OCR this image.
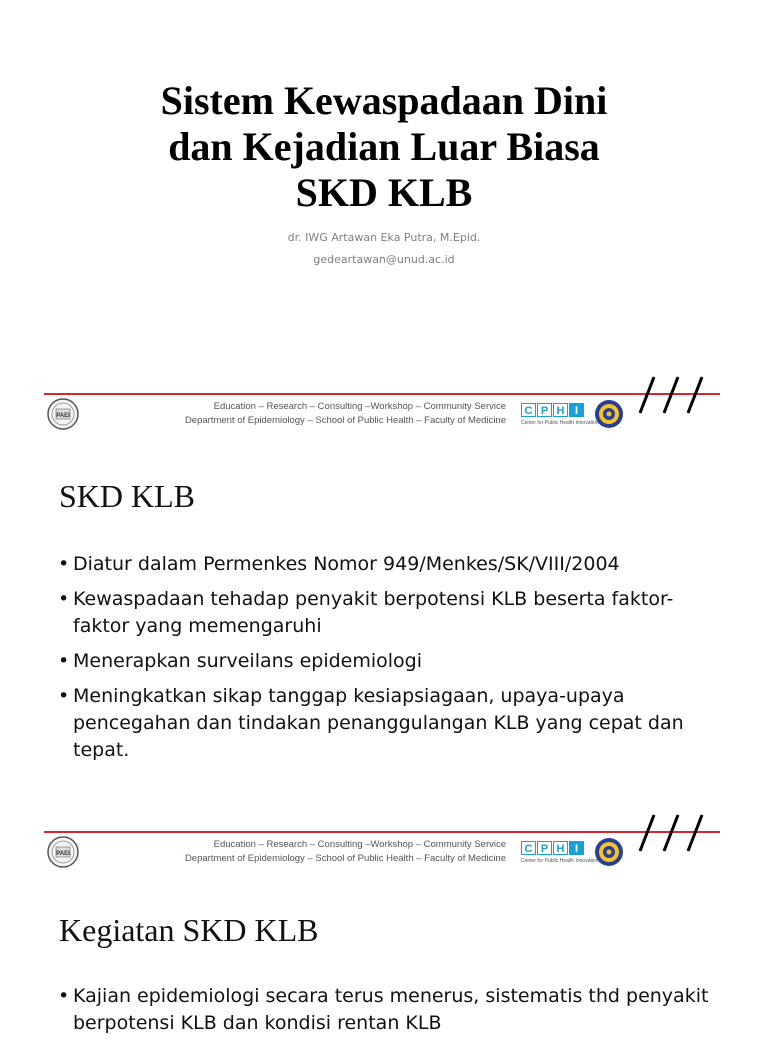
Sistem Kewaspadaan Dini
dan Kejadian Luar Biasa
SKD KLB
dr. IWG Artawan Eka Putra, M.Epid.
gedeartawan@unud.ac.id
PAEI
Education – Research – Consulting –Workshop – Community Service
Department of Epidemiology – School of Public Health – Faculty of Medicine
C P H I
Center for Public Health Innovation
SKD KLB
• Diatur dalam Permenkes Nomor 949/Menkes/SK/VIII/2004
• Kewaspadaan tehadap penyakit berpotensi KLB beserta faktor-faktor yang memengaruhi
• Menerapkan surveilans epidemiologi
• Meningkatkan sikap tanggap kesiapsiagaan, upaya-upaya pencegahan dan tindakan penanggulangan KLB yang cepat dan tepat.
PAEI
Education – Research – Consulting –Workshop – Community Service
Department of Epidemiology – School of Public Health – Faculty of Medicine
C P H I
Center for Public Health Innovation
Kegiatan SKD KLB
• Kajian epidemiologi secara terus menerus, sistematis thd penyakit berpotensi KLB dan kondisi rentan KLB
